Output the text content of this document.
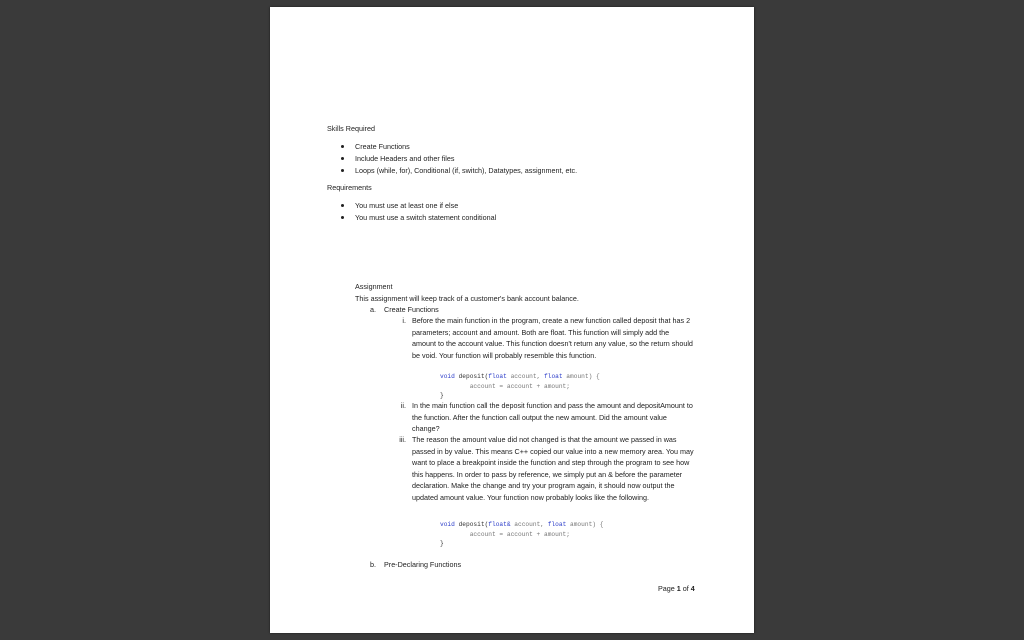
Skills Required
Create Functions
Include Headers and other files
Loops (while, for), Conditional (if, switch), Datatypes, assignment, etc.
Requirements
You must use at least one if else
You must use a switch statement conditional
Assignment
This assignment will keep track of a customer's bank account balance.
a. Create Functions
i. Before the main function in the program, create a new function called deposit that has 2 parameters; account and amount. Both are float. This function will simply add the amount to the account value. This function doesn't return any value, so the return should be void. Your function will probably resemble this function.
void deposit(float account, float amount) {
account = account + amount;
}
ii. In the main function call the deposit function and pass the amount and depositAmount to the function. After the function call output the new amount. Did the amount value change?
iii. The reason the amount value did not changed is that the amount we passed in was passed in by value. This means C++ copied our value into a new memory area. You may want to place a breakpoint inside the function and step through the program to see how this happens. In order to pass by reference, we simply put an & before the parameter declaration. Make the change and try your program again, it should now output the updated amount value. Your function now probably looks like the following.
void deposit(float& account, float amount) {
account = account + amount;
}
b. Pre-Declaring Functions
Page 1 of 4
